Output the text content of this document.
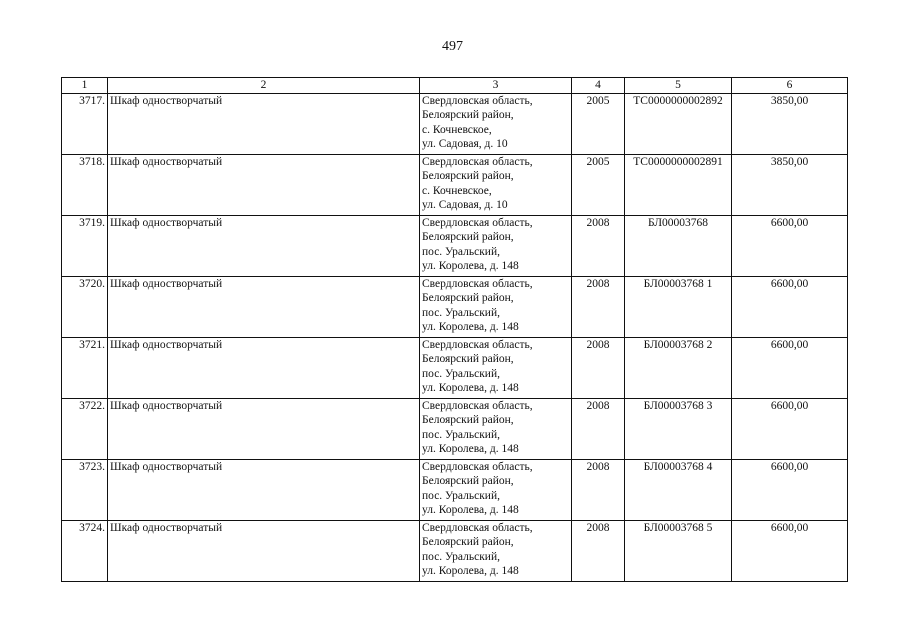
497
1	2	3	4	5	6
3717.	Шкаф одностворчатый	Свердловская область,
Белоярский район,
с. Кочневское,
ул. Садовая, д. 10	2005	ТС0000000002892	3850,00
3718.	Шкаф одностворчатый	Свердловская область,
Белоярский район,
с. Кочневское,
ул. Садовая, д. 10	2005	ТС0000000002891	3850,00
3719.	Шкаф одностворчатый	Свердловская область,
Белоярский район,
пос. Уральский,
ул. Королева, д. 148	2008	БЛ00003768	6600,00
3720.	Шкаф одностворчатый	Свердловская область,
Белоярский район,
пос. Уральский,
ул. Королева, д. 148	2008	БЛ00003768 1	6600,00
3721.	Шкаф одностворчатый	Свердловская область,
Белоярский район,
пос. Уральский,
ул. Королева, д. 148	2008	БЛ00003768 2	6600,00
3722.	Шкаф одностворчатый	Свердловская область,
Белоярский район,
пос. Уральский,
ул. Королева, д. 148	2008	БЛ00003768 3	6600,00
3723.	Шкаф одностворчатый	Свердловская область,
Белоярский район,
пос. Уральский,
ул. Королева, д. 148	2008	БЛ00003768 4	6600,00
3724.	Шкаф одностворчатый	Свердловская область,
Белоярский район,
пос. Уральский,
ул. Королева, д. 148	2008	БЛ00003768 5	6600,00
